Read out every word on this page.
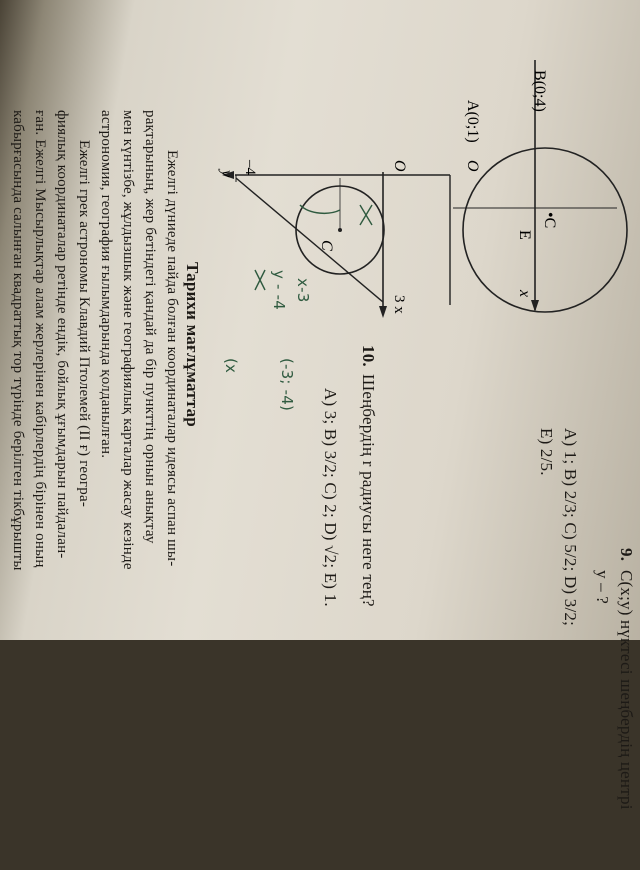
9.
C(x;y) нүктесі шеңбердің центрі
y – ?
A) 1; B) 2/3; C) 5/2; D) 3/2;
E) 2/5.
B(0;4)
A(0;1)
O
E
•C
x
y
O
–4
C
3 x
x-3
y - -4
(-3; -4)
(x	10.
Шеңбердің r радиусы неге тең?
A) 3; B) 3/2; C) 2; D) √2; E) 1.
Тарихи мағлұматтар
Ежелгі дүниеде пайда болған координаталар идеясы аспан шы-
рақтарының, жер бетіндегі қандай да бір пункттің орнын анықтау
мен күнтізбе, жұлдызшык және географиялық карталар жасау кезінде
астрономия, география ғылымдарында қолданылған.
Ежелгі грек астрономы Клавдий Птолемей (II ғ) геогра-
фиялық координаталар ретінде ендік, бойлық ұғымдарын пайдалан-
ған. Ежелгі Мысырлықтар алам жерлерінен кабірлердің бірінен оның
кабырғасында салынған квадраттық тор түрінде берілген тікбұрышты
